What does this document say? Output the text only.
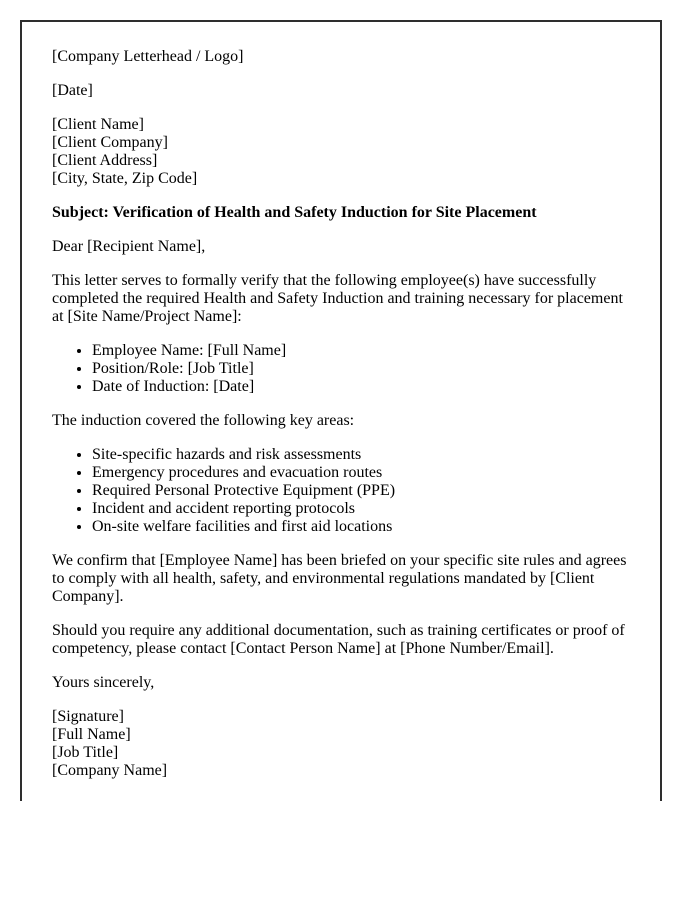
[Company Letterhead / Logo]

[Date]

[Client Name]
[Client Company]
[Client Address]
[City, State, Zip Code]

Subject: Verification of Health and Safety Induction for Site Placement

Dear [Recipient Name],

This letter serves to formally verify that the following employee(s) have successfully completed the required Health and Safety Induction and training necessary for placement at [Site Name/Project Name]:

• Employee Name: [Full Name]
• Position/Role: [Job Title]
• Date of Induction: [Date]

The induction covered the following key areas:

• Site-specific hazards and risk assessments
• Emergency procedures and evacuation routes
• Required Personal Protective Equipment (PPE)
• Incident and accident reporting protocols
• On-site welfare facilities and first aid locations

We confirm that [Employee Name] has been briefed on your specific site rules and agrees to comply with all health, safety, and environmental regulations mandated by [Client Company].

Should you require any additional documentation, such as training certificates or proof of competency, please contact [Contact Person Name] at [Phone Number/Email].

Yours sincerely,

[Signature]
[Full Name]
[Job Title]
[Company Name]
